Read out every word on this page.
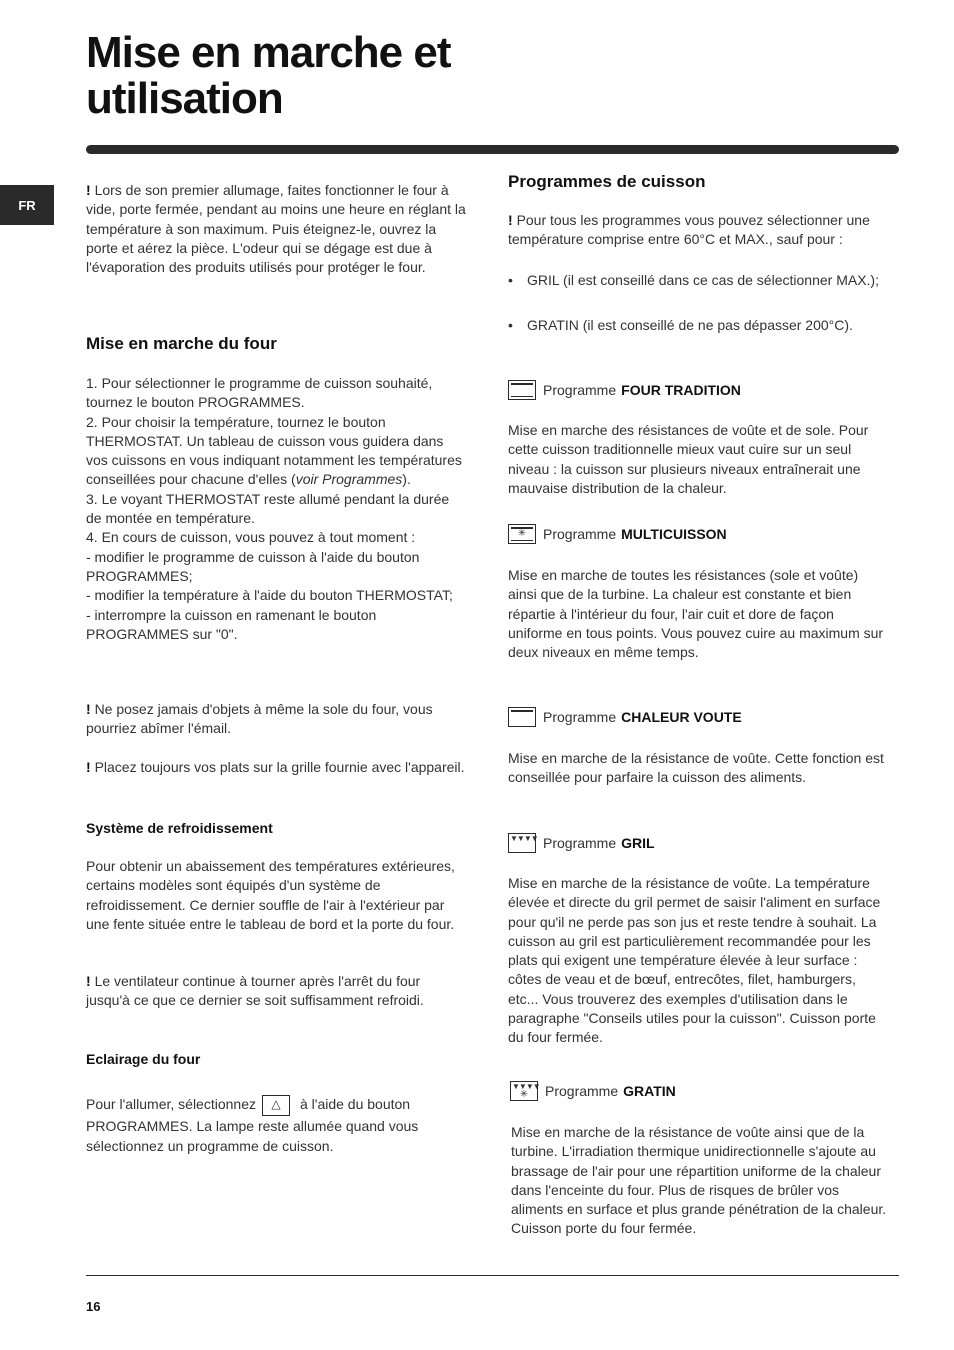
Mise en marche et
utilisation
FR

! Lors de son premier allumage, faites fonctionner le four à vide, porte fermée, pendant au moins une heure en réglant la température à son maximum. Puis éteignez-le, ouvrez la porte et aérez la pièce. L'odeur qui se dégage est due à l'évaporation des produits utilisés pour protéger le four.

Mise en marche du four

1. Pour sélectionner le programme de cuisson souhaité, tournez le bouton PROGRAMMES.
2. Pour choisir la température, tournez le bouton THERMOSTAT. Un tableau de cuisson vous guidera dans vos cuissons en vous indiquant notamment les températures conseillées pour chacune d'elles (voir Programmes).
3. Le voyant THERMOSTAT reste allumé pendant la durée de montée en température.
4. En cours de cuisson, vous pouvez à tout moment :
- modifier le programme de cuisson à l'aide du bouton PROGRAMMES;
- modifier la température à l'aide du bouton THERMOSTAT;
- interrompre la cuisson en ramenant le bouton PROGRAMMES sur "0".

! Ne posez jamais d'objets à même la sole du four, vous pourriez abîmer l'émail.

! Placez toujours vos plats sur la grille fournie avec l'appareil.

Système de refroidissement

Pour obtenir un abaissement des températures extérieures, certains modèles sont équipés d'un système de refroidissement. Ce dernier souffle de l'air à l'extérieur par une fente située entre le tableau de bord et la porte du four.

! Le ventilateur continue à tourner après l'arrêt du four jusqu'à ce que ce dernier se soit suffisamment refroidi.

Eclairage du four

Pour l'allumer, sélectionnez △ à l'aide du bouton PROGRAMMES. La lampe reste allumée quand vous sélectionnez un programme de cuisson.

Programmes de cuisson

! Pour tous les programmes vous pouvez sélectionner une température comprise entre 60°C et MAX., sauf pour :

•	GRIL (il est conseillé dans ce cas de sélectionner MAX.);
•	GRATIN (il est conseillé de ne pas dépasser 200°C).
Programme FOUR TRADITION

Mise en marche des résistances de voûte et de sole. Pour cette cuisson traditionnelle mieux vaut cuire sur un seul niveau : la cuisson sur plusieurs niveaux entraînerait une mauvaise distribution de la chaleur.

✳	Programme MULTICUISSON

Mise en marche de toutes les résistances (sole et voûte) ainsi que de la turbine. La chaleur est constante et bien répartie à l'intérieur du four, l'air cuit et dore de façon uniforme en tous points. Vous pouvez cuire au maximum sur deux niveaux en même temps.

Programme CHALEUR VOUTE

Mise en marche de la résistance de voûte. Cette fonction est conseillée pour parfaire la cuisson des aliments.

▼▼▼▼ Programme GRIL

Mise en marche de la résistance de voûte. La température élevée et directe du gril permet de saisir l'aliment en surface pour qu'il ne perde pas son jus et reste tendre à souhait. La cuisson au gril est particulièrement recommandée pour les plats qui exigent une température élevée à leur surface : côtes de veau et de bœuf, entrecôtes, filet, hamburgers, etc... Vous trouverez des exemples d'utilisation dans le paragraphe "Conseils utiles pour la cuisson". Cuisson porte du four fermée.

▼▼▼▼
✳	Programme GRATIN

Mise en marche de la résistance de voûte ainsi que de la turbine. L'irradiation thermique unidirectionnelle s'ajoute au brassage de l'air pour une répartition uniforme de la chaleur dans l'enceinte du four. Plus de risques de brûler vos aliments en surface et plus grande pénétration de la chaleur. Cuisson porte du four fermée.

16
